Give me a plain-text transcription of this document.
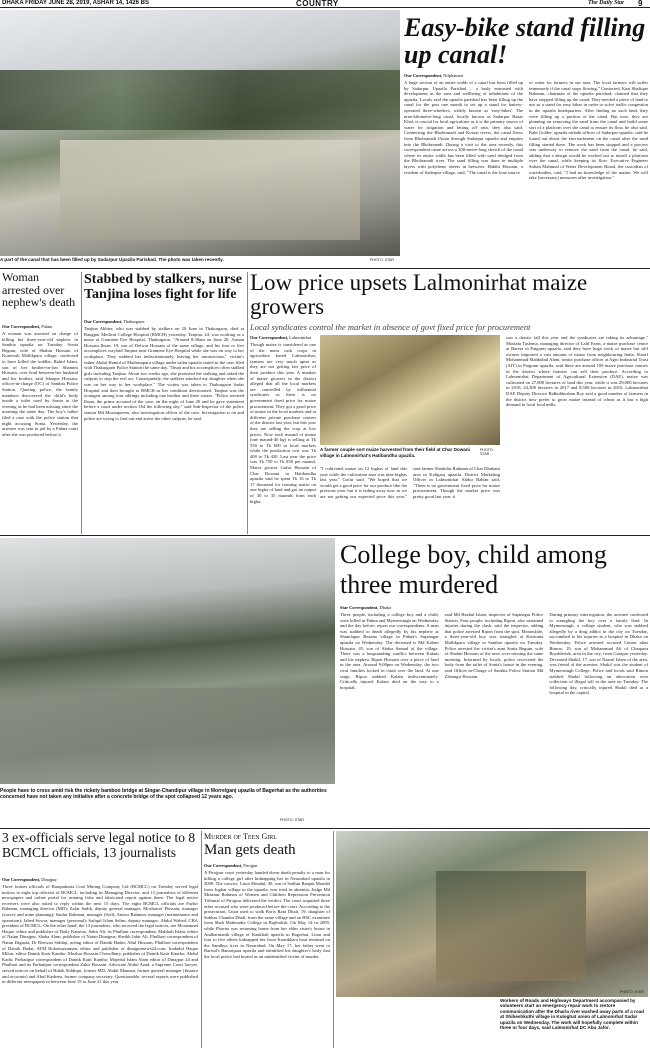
DHAKA FRIDAY JUNE 28, 2019, ASHAR 14, 1426 BS	COUNTRY	The Daily Star 9
A part of the canal that has been filled up by Sadarpur Upazila Parishad. The photo was taken recently.	PHOTO: STAR
Easy-bike stand filling up canal!
Our Correspondent, Nilphamari
A large section of an entire width of a canal has been filled up by Sadarpur Upazila Parishad – a body entrusted with development in the area and wellbeing of inhabitants of the upazila. Locals said the upazila parishad has been filling up the canal for the past one month to set up a stand for battery-operated three-wheelers, widely known as 'easy-bikes'. The nine-kilometre-long canal, locally known as Sadarpur Bazar Khal, is crucial for local agriculture as it is the primary source of water for irrigation and letting off rain, they also said. Connecting the Bhobranadi and Kossai rivers, the canal flows from Bhobranadi Union through Sadarpur upazila and empties into the Bhobranadi. During a visit to the area recently, this correspondent came across a 300-metre-long stretch of the canal where its entire width has been filled with sand dredged from the Bhobranadi river. The sand filling was done in multiple layers with polythene sheets in between. Habibi Hossain, a resident of Sadarpur village, said, "The canal is the lone source
of water for farmers in our area. The local farmers will suffer immensely if the canal stops flowing." Contacted, Kazi Shafique Rahman, chairman of the upazila parishad, claimed that they have stopped filling up the canal. They needed a piece of land to use as a stand for easy bikes in order to solve traffic congestion in the upazila headquarters. After finding no such land, they were filling up a portion of the canal. But now, they are planning on removing the sand from the canal and build some sort of a platform over the canal to ensure its flow, he also said. Rabi Golder, upazila nirbahi officer of Sadarpur upazila, said he found out about the encroachment on the canal after the sand filling started there. The work has been stopped and a process was underway to remove the sand from the canal, he said, adding that a design would be worked out to install a platform over the canal, while keeping its flow. Executive Engineer Sultan Mahmud of Water Development Board, the custodian of waterbodies, said, "I had no knowledge of the matter. We will take [necessary] measures after investigation."
Woman arrested over nephew's death
Our Correspondent, Pabna
A woman was arrested on charge of killing her three-year-old nephew in Santhia upazila on Tuesday. Sonia Begum, wife of Shahin Hossain of Kornerali Mallikpara village, confessed to have killed the toddler, Rahid Islam, son of her brother-in-law Shamim Hossain, over feud between her husband and his brother, said Ishaque Hossain, officer-in-charge (OC) of Santhia Police Station. Quoting police, the family members discovered the child's body inside a toilet used by Sonia in the evening as he had been missing since the morning the same day. The boy's father filed a case with the police station that night accusing Sonia. Yesterday, the arrestee was sent to jail by a Pabna court after she was produced before it.
Stabbed by stalkers, nurse Tanjina loses fight for life
Our Correspondent, Thakurgaon
Tanjina Akhter, who was stabbed by stalkers on 20 June in Thakurgaon, died at Rangpur Medical College Hospital (RMCH) yesterday. Tanjina, 24, was working as a nurse at Gramene Eye Hospital, Thakurgaon. "Around 8:30am on June 20, Arman Hossain Ihsan, 19, son of Delwar Hossain of the same village, and his four or five accomplices waylaid Tanjina near Gramene Eye Hospital while she was on way to her workplace. They stabbed her indiscriminately, leaving her unconscious," victim's father Abdul Hamid of Madrasapara village under sadar upazila stated in the case filed with Thakurgaon Police Station the same day. "Ihsan and his accomplices often stalked girls including Tanjina. About two weeks ago, she protested the stalking and asked the culprits to stop the evil act. Consequently, the stalkers attacked my daughter when she was on her way to her workplace." The victim was taken to Thakurgaon Sadar Hospital and then brought to RMCH as her condition deteriorated. Tanjina was the youngest among four siblings including one brother and three sisters. "Police arrested Ihsan, the prime accused of the case, on the night of June 20 and he gave statement before a court under section 164 the following day," said Sub-Inspector of the police station Md Mostaqueem, also investigation officer of the case. Investigation is on and police are trying to find out and arrest the other culprits, he said.
Low price upsets Lalmonirhat maize growers
Local syndicates control the market in absence of govt fixed price for procurement
Our Correspondent, Lalmonirhat
Though maize is considered as one of the main cash crops in agriculture based Lalmonirhat, farmers are very much upset as they are not getting fair price of their produce this year. A number of maize growers in the district alleged that all the local markets are controlled by influential syndicates as there is no government fixed price for maize procurement. They got a good price of maize in the local markets and at different private purchase centres of the district last year, but this year they are selling the crop at low prices. Now each maund of maize (one maund-40 kg) is selling at Tk 550 to Tk 600 in local markets while the production cost was Tk 400 to Tk 420. Last year the price was Tk 750 to Tk 850 per maund. Maize grower Gafur Hossain of Char Dowani in Hatibandha upazila said he spent Tk 16 to Tk 17 thousand for farming maize on one bigha of land and got an output of 30 to 35 maunds from each bigha.
A farmer couple sort maize harvested from their field at Char Dowani village in Lalmonirhat's Hatibandha upazila.
PHOTO: STAR
"I cultivated maize on 12 bighas of land this year while the cultivation area was nine bighas last year," Gofur said. "We hoped that we would get a good price for our produce like the previous year, but it is fading away now as we are not getting our expected price this year," said farmer Shahidur Rahman of Char Dhubani area in Kaliganj upazila. District Marketing Officer in Lalmonirhat Abdur Rahim said, "There is no government fixed price for maize procurement. Though the market price was pretty good last year, it
saw a drastic fall this year and the syndicates are taking its advantage." Mostafa Taslema, managing director of Lalil Farm, a maize purchase centre at Barera in Patgram upazila, said they have huge stock of maize but still owners imported a vast amount of maize from neighbouring India. Sharif Mohammad Mahbubul Alam, senior purchase officer at Agro Industrial Trust (AIT) in Patgram upazila, said there are around 100 maize purchase centres in the district where farmers can sell their produce. According to Lalmonirhat Department of Agricultural Extension (DAE), maize was cultivated on 27,800 hectares of land this year, while it was 29,000 hectares in 2018, 24,300 hectares in 2017 and 8,500 hectares in 2016. Lalmonirhat DAE Deputy Director Bidhubhushan Roy said a good number of farmers in the district now prefer to grow maize instead of wheat as it has a high demand in local food mills.
People have to cross amid risk the rickety bamboo bridge at Singar-Chandipur village in Morrelganj upazila of Bagerhat as the authorities concerned have not taken any initiative after a concrete bridge of the spot collapsed 12 years ago.
PHOTO: STAR
College boy, child among three murdered
Star Correspondent, Dhaka
Three people, including a college boy and a child, were killed in Pabna and Mymensingh on Wednesday and the day before, report our correspondents. A man was stabbed to death allegedly by his nephew at Shamlapur Bezana village in Pabna's Sujanagar upazila on Wednesday. The deceased is Md Kalam Hossain, 45, son of Abdus Samad of the village. There was a longstanding conflict between Kalam and his nephew Ripon Hossain over a piece of land in the area. Around 9:00pm on Wednesday, the two rival families locked in clash over the land. At one stage, Ripon stabbed Kalam indiscriminately. Critically injured Kalam died on the way to a hospital,
said Md Hazbul Islam, inspector of Sujanagar Police Station. Four people, including Ripon, also sustained injuries during the clash, said the inspector, adding that police arrested Ripon from the spot. Meanwhile, a three-year-old boy was strangled at Kristoma Mallikpara village in Santhia upazila on Tuesday. Police arrested the victim's aunt Sonia Begum, wife of Shahin Hossain of the area, over missing the same morning. Informed by locals, police recovered the body from the toilet of Sonia's house in the evening, said Officer-in-Charge of Santhia Police Station Md Zahangir Hossain.
During primary interrogation, the arrestee confessed to strangling the boy over a family feud. In Mymensingh, a college student, who was stabbed allegedly by a drug addict in the city on Tuesday, succumbed to his injuries at a hospital in Dhaka on Wednesday. Police arrested accused Limon alias Rimon, 19, son of Mohammad Ali of Charpara Boyddertek, area in the city, from Garapar yesterday. Deceased Shakil, 17, son of Nazrul Islam of the area, was friend of the arrestee. Shakil was the student of Mymensingh College. Police and locals said Rimon stabbed Shakil following an altercation over collection of illegal toll in the area on Tuesday. The following day, critically injured Shakil died at a hospital in the capital.
3 ex-officials serve legal notice to 8 BCMCL officials, 13 journalists
Our Correspondent, Dinajpur
Three former officials of Barapukuria Coal Mining Company Ltd (BCMCL) on Tuesday served legal notices to eight top officials of BCMCL, including its Managing Director, and 13 journalists of different newspapers and online portal for running false and fabricated report against them. The legal notice receivers were also asked to reply within the next 15 days. The eight BCMCL officials are Fazlur Rahman, managing director (MD); Zafar Sadik, deputy general manager; Mosharrof Hossain, manager (survey and mine planning); Saidur Rahman, manager (Soil); Anisur Rahman, manager (maintenance and operation); Jahed Sowar, manager (personal); Safiqul Islam Selim, deputy manager; Abdul Wahed, CBA president of BCMCL. On the other hand, the 13 journalists, who received the legal notices, are Mosammel Haque, editor and publisher of Daily Kaustoo, Sabir Ali, its Phulbari correspondent, Mahbub Islam, editor of Natun Dinajpur. Shaha Alam, publisher of Natun Dinajpur; Sheikh Jahir Ali, Phulbari correspondent of Natun Diganta; Dr Rezwan Siddiqi, acting editor of Dainik Hadat; Abul Hossain, Phulbari correspondent of Dainik Hadat, ATM Rokonuzzaman, editor and publisher of dinajpurnews24.com; Iradadul Haque Milon, editor Dainik Katir Kantho; Mozhar Hossain Chowdhury, publisher of Dainik Katir Kantho; Abdul Kadir, Parbatipur correspondent of Dainik Katir Kantho; Majedul Islam Alam editor of Dinajpur 24 and Phulbari and its Parbatipur correspondent Zakir Hossain. Advocate Abdul Azad, a Supreme Court lawyer, served notices on behalf of Habib Siddiqui, former MD, Abdul Mannan, former general manager (finance and accounts) and Abul Kashem, former company secretary. Questionable, several reports were published in different newspapers in between June 19 to June 21 this year.
Murder of Teen Girl
Man gets death
Our Correspondent, Pirojpur
A Pirojpur court yesterday handed down death penalty to a man for killing a college girl after kidnapping her in Nesarabad upazila in 2009. The convict, Liton Mondal, 30, son of Sadhin Ranjan Mondal from Jughar village in the upazila, was tried in absentia. Judge Md Mizanur Rahman of Women and Children Repression Prevention Tribunal of Pirojpur delivered the verdict. The court acquitted three other accused who were produced before the court. According to the prosecution, Liton used to stalk Boris Rani Dhali, 19, daughter of Subhas Chandra Dhali, from the same village and an HSC examinee from Shah Mahmudia College in Rajibalish. On May 14 in 2009, while Phorna was returning home from her elder sister's house in Andharmanik village of Kaukhali upazila in Bagerhat, Liton and four to five others kidnapped her from Kaurikhara boat terminal on the Sandhya river in Nesarabad. On May 17, her father went to Barisal's Banaripara upazila and identified his daughter's body that the local police had buried as an unidentified victim of murder.
Workers of Roads and Highways Department accompanied by volunteers start an emergency repair work to restore communication after the Dharla river washed away parts of a road at Shibeshkuthi village in Kuloghat union of Lalmonirhat Sadar upazila on Wednesday. The work will hopefully complete within three or four days, said Lalmonirhat DC Abu Jafor.
PHOTO: STAR
